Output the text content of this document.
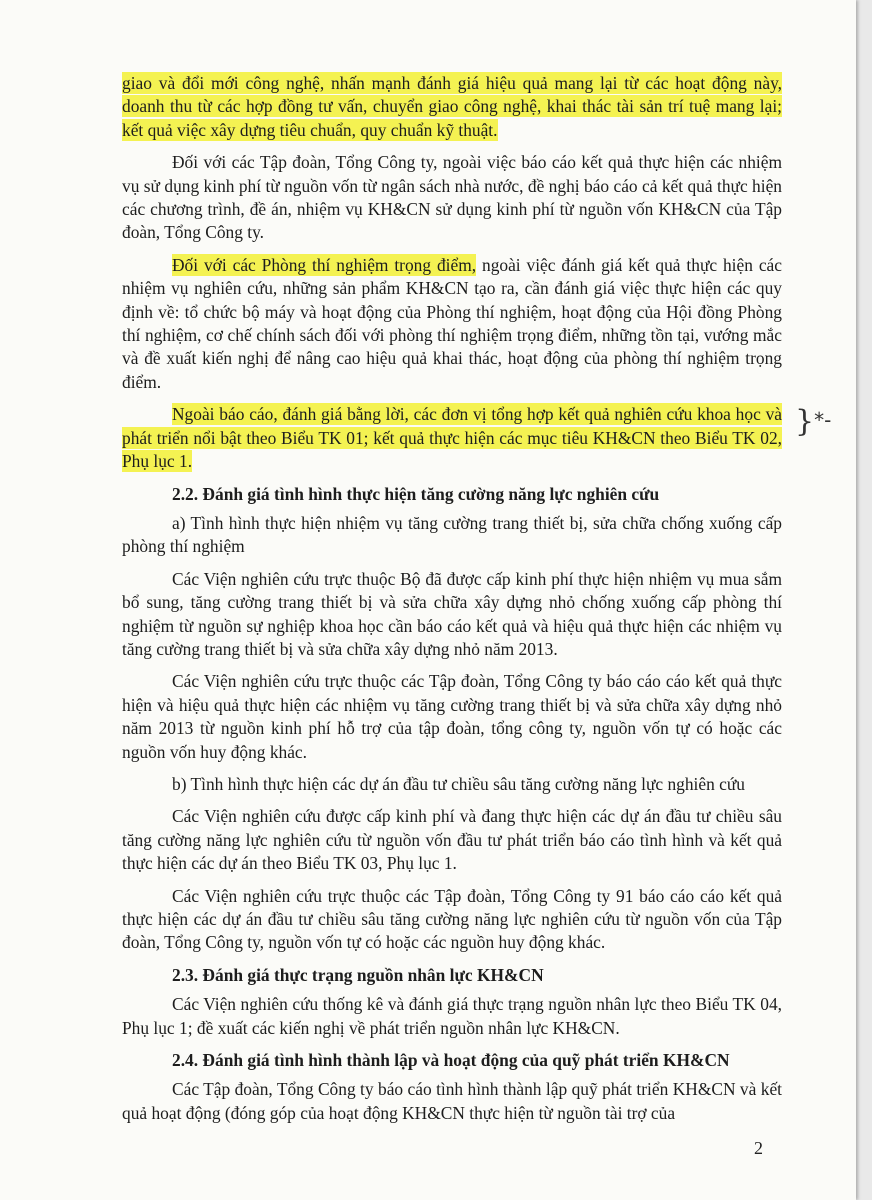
giao và đổi mới công nghệ, nhấn mạnh đánh giá hiệu quả mang lại từ các hoạt động này, doanh thu từ các hợp đồng tư vấn, chuyển giao công nghệ, khai thác tài sản trí tuệ mang lại; kết quả việc xây dựng tiêu chuẩn, quy chuẩn kỹ thuật.

Đối với các Tập đoàn, Tổng Công ty, ngoài việc báo cáo kết quả thực hiện các nhiệm vụ sử dụng kinh phí từ nguồn vốn từ ngân sách nhà nước, đề nghị báo cáo cả kết quả thực hiện các chương trình, đề án, nhiệm vụ KH&CN sử dụng kinh phí từ nguồn vốn KH&CN của Tập đoàn, Tổng Công ty.

Đối với các Phòng thí nghiệm trọng điểm, ngoài việc đánh giá kết quả thực hiện các nhiệm vụ nghiên cứu, những sản phẩm KH&CN tạo ra, cần đánh giá việc thực hiện các quy định về: tổ chức bộ máy và hoạt động của Phòng thí nghiệm, hoạt động của Hội đồng Phòng thí nghiệm, cơ chế chính sách đối với phòng thí nghiệm trọng điểm, những tồn tại, vướng mắc và đề xuất kiến nghị để nâng cao hiệu quả khai thác, hoạt động của phòng thí nghiệm trọng điểm.

Ngoài báo cáo, đánh giá bằng lời, các đơn vị tổng hợp kết quả nghiên cứu khoa học và phát triển nổi bật theo Biểu TK 01; kết quả thực hiện các mục tiêu KH&CN theo Biểu TK 02, Phụ lục 1.

2.2. Đánh giá tình hình thực hiện tăng cường năng lực nghiên cứu

a) Tình hình thực hiện nhiệm vụ tăng cường trang thiết bị, sửa chữa chống xuống cấp phòng thí nghiệm

Các Viện nghiên cứu trực thuộc Bộ đã được cấp kinh phí thực hiện nhiệm vụ mua sắm bổ sung, tăng cường trang thiết bị và sửa chữa xây dựng nhỏ chống xuống cấp phòng thí nghiệm từ nguồn sự nghiệp khoa học cần báo cáo kết quả và hiệu quả thực hiện các nhiệm vụ tăng cường trang thiết bị và sửa chữa xây dựng nhỏ năm 2013.

Các Viện nghiên cứu trực thuộc các Tập đoàn, Tổng Công ty báo cáo cáo kết quả thực hiện và hiệu quả thực hiện các nhiệm vụ tăng cường trang thiết bị và sửa chữa xây dựng nhỏ năm 2013 từ nguồn kinh phí hỗ trợ của tập đoàn, tổng công ty, nguồn vốn tự có hoặc các nguồn vốn huy động khác.

b) Tình hình thực hiện các dự án đầu tư chiều sâu tăng cường năng lực nghiên cứu

Các Viện nghiên cứu được cấp kinh phí và đang thực hiện các dự án đầu tư chiều sâu tăng cường năng lực nghiên cứu từ nguồn vốn đầu tư phát triển báo cáo tình hình và kết quả thực hiện các dự án theo Biểu TK 03, Phụ lục 1.

Các Viện nghiên cứu trực thuộc các Tập đoàn, Tổng Công ty 91 báo cáo cáo kết quả thực hiện các dự án đầu tư chiều sâu tăng cường năng lực nghiên cứu từ nguồn vốn của Tập đoàn, Tổng Công ty, nguồn vốn tự có hoặc các nguồn huy động khác.

2.3. Đánh giá thực trạng nguồn nhân lực KH&CN

Các Viện nghiên cứu thống kê và đánh giá thực trạng nguồn nhân lực theo Biểu TK 04, Phụ lục 1; đề xuất các kiến nghị về phát triển nguồn nhân lực KH&CN.

2.4. Đánh giá tình hình thành lập và hoạt động của quỹ phát triển KH&CN

Các Tập đoàn, Tổng Công ty báo cáo tình hình thành lập quỹ phát triển KH&CN và kết quả hoạt động (đóng góp của hoạt động KH&CN thực hiện từ nguồn tài trợ của

}*-
2
